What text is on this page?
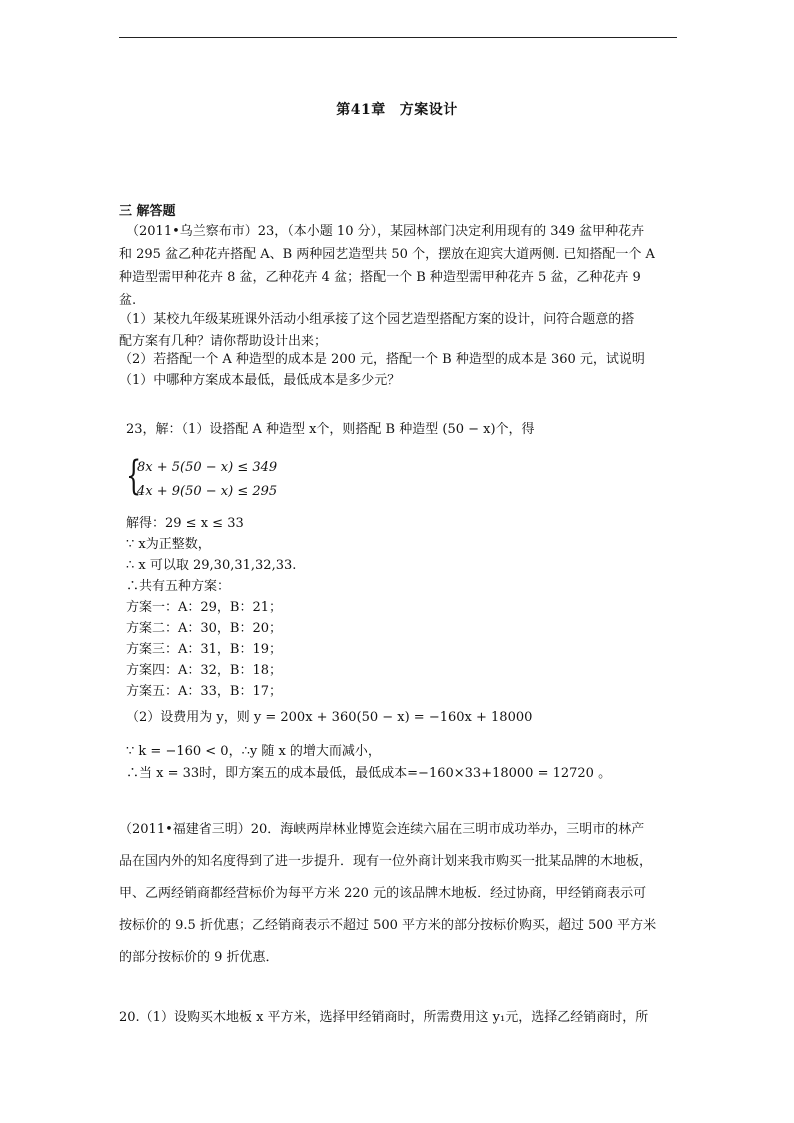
第41章 方案设计
三 解答题
（2011•乌兰察布市）23，（本小题 10 分），某园林部门决定利用现有的 349 盆甲种花卉
和 295 盆乙种花卉搭配 A、B 两种园艺造型共 50 个，摆放在迎宾大道两侧. 已知搭配一个 A
种造型需甲种花卉 8 盆，乙种花卉 4 盆；搭配一个 B 种造型需甲种花卉 5 盆，乙种花卉 9
盆.
（1）某校九年级某班课外活动小组承接了这个园艺造型搭配方案的设计，问符合题意的搭
配方案有几种？请你帮助设计出来；
（2）若搭配一个 A 种造型的成本是 200 元，搭配一个 B 种造型的成本是 360 元，试说明
（1）中哪种方案成本最低，最低成本是多少元？
23，解：（1）设搭配 A 种造型 x个，则搭配 B 种造型 (50 − x)个，得
{
8x + 5(50 − x) ≤ 349
4x + 9(50 − x) ≤ 295
解得：29 ≤ x ≤ 33
∵ x为正整数，
∴ x 可以取 29,30,31,32,33.
∴共有五种方案：
方案一：A：29，B：21；
方案二：A：30，B：20；
方案三：A：31，B：19；
方案四：A：32，B：18；
方案五：A：33，B：17；
（2）设费用为 y，则 y = 200x + 360(50 − x) = −160x + 18000
∵ k = −160 < 0，∴y 随 x 的增大而减小，
∴当 x = 33时，即方案五的成本最低，最低成本=−160×33+18000 = 12720 。
（2011•福建省三明）20．海峡两岸林业博览会连续六届在三明市成功举办，三明市的林产
品在国内外的知名度得到了进一步提升．现有一位外商计划来我市购买一批某品牌的木地板，
甲、乙两经销商都经营标价为每平方米 220 元的该品牌木地板．经过协商，甲经销商表示可
按标价的 9.5 折优惠；乙经销商表示不超过 500 平方米的部分按标价购买，超过 500 平方米
的部分按标价的 9 折优惠．
20.（1）设购买木地板 x 平方米，选择甲经销商时，所需费用这 y₁元，选择乙经销商时，所
